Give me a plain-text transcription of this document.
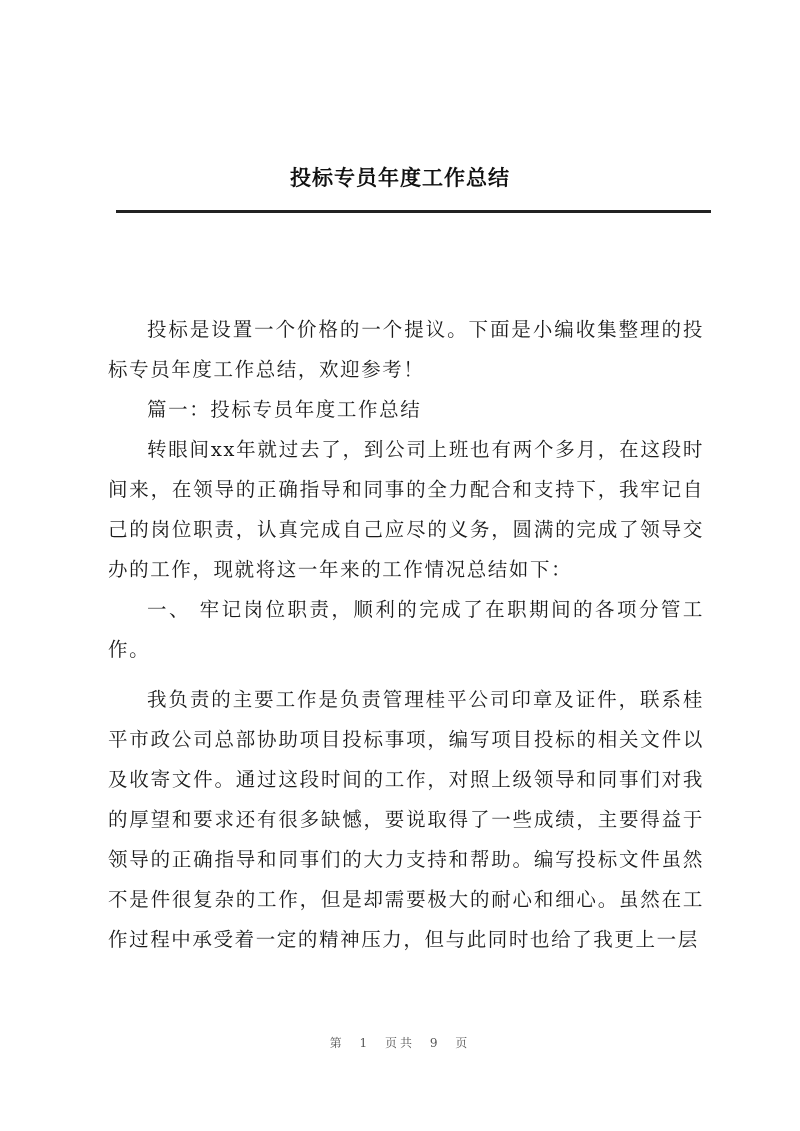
投标专员年度工作总结

投标是设置一个价格的一个提议。下面是小编收集整理的投标专员年度工作总结，欢迎参考！

篇一：投标专员年度工作总结

转眼间xx年就过去了，到公司上班也有两个多月，在这段时间来，在领导的正确指导和同事的全力配合和支持下，我牢记自己的岗位职责，认真完成自己应尽的义务，圆满的完成了领导交办的工作，现就将这一年来的工作情况总结如下：

一、 牢记岗位职责，顺利的完成了在职期间的各项分管工作。

我负责的主要工作是负责管理桂平公司印章及证件，联系桂平市政公司总部协助项目投标事项，编写项目投标的相关文件以及收寄文件。通过这段时间的工作，对照上级领导和同事们对我的厚望和要求还有很多缺憾，要说取得了一些成绩，主要得益于领导的正确指导和同事们的大力支持和帮助。编写投标文件虽然不是件很复杂的工作，但是却需要极大的耐心和细心。虽然在工作过程中承受着一定的精神压力，但与此同时也给了我更上一层

第 1 页共 9 页
